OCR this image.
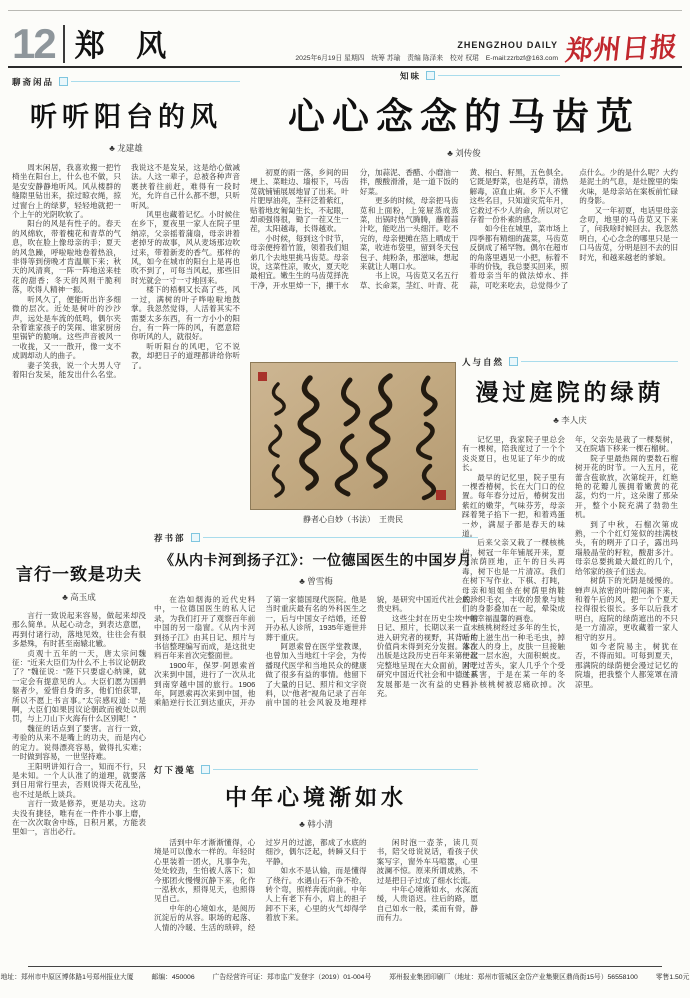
12 郑 风	ZHENGZHOU DAILY
2025年6月19日 星期四　统筹 苏瑜　责编 陈泽来　校对 权珺　E-mail:zzrbzf@163.com 郑州日报
聊斋闲品
听听阳台的风
♣ 龙建雄

周末闲居，我喜欢搬一把竹椅坐在阳台上，什么也不做，只是安安静静地听风。风从楼群的缝隙里钻出来，掠过晾衣绳，掠过窗台上的绿萝，轻轻地就把一个上午的光阴吹软了。

阳台的风是有性子的。春天的风绵软，带着槐花和青草的气息，吹在脸上像母亲的手；夏天的风急躁，呼啦啦地卷着热浪，非得等到傍晚才肯温顺下来；秋天的风清爽，一阵一阵地送来桂花的甜香；冬天的风则干脆利落，吹得人精神一振。

听风久了，便能听出许多细微的层次。近处是树叶的沙沙声，远处是车流的低鸣，偶尔夹杂着谁家孩子的笑闹、谁家厨房里锅铲的脆响。这些声音被风一一收拢，又一一散开，像一支不成调却动人的曲子。

妻子笑我，说一个大男人守着阳台发呆，能发出什么名堂。我说这不是发呆，这是给心做减法。人这一辈子，总被各种声音裹挟着往前赶，难得有一段时光，允许自己什么都不想，只听听风。

风里也藏着记忆。小时候住在乡下，夏夜里一家人在院子里纳凉，父亲摇着蒲扇，母亲讲着老掉牙的故事，风从麦场那边吹过来，带着新麦的香气。那样的风，如今在城市的阳台上是再也吹不到了，可每当风起，那些旧时光就会一寸一寸地回来。

楼下的梧桐又长高了些，风一过，满树的叶子哗啦啦地鼓掌。我忽然觉得，人活着其实不需要太多东西，有一方小小的阳台，有一阵一阵的风，有愿意陪你听风的人，就很好。

听听阳台的风吧，它不说教，却把日子的道理都讲给你听了。

言行一致是功夫
♣ 高玉成

言行一致说起来容易，做起来却没那么简单。从起心动念，到表达意愿，再到付诸行动，落地见效，往往会有很多悬殊，有时甚至南辕北辙。

贞观十五年的一天，唐太宗问魏征：“近来大臣们为什么不上书议论朝政了？”魏征说：“陛下只要虚心纳谏，就一定会有提意见的人。大臣们愿为国捐躯者少，爱惜自身的多，他们怕获罪，所以不愿上书言事。”太宗感叹道：“是啊，大臣们如果因议论朝政而被处以刑罚，与上刀山下火海有什么区别呢！”

魏征的话点到了要害。言行一致，考验的从来不是嘴上的功夫，而是内心的定力。说得漂亮容易，做得扎实难；一时做到容易，一世坚持难。

王阳明讲知行合一，知而不行，只是未知。一个人认准了的道理，就要落到日用常行里去，否则说得天花乱坠，也不过是纸上谈兵。

言行一致是修养，更是功夫。这功夫没有捷径，唯有在一件件小事上磨，在一次次取舍中练，日积月累，方能表里如一，言出必行。

知味
心心念念的马齿苋
♣ 刘传俊

初夏的雨一落，乡间的田埂上、菜畦边、墙根下，马齿苋就铺铺展展地冒了出来。叶片肥厚油亮，茎秆泛着紫红，贴着地皮匍匐生长，不起眼，却顽强得很，锄了一茬又生一茬，太阳越毒，长得越欢。

小时候，每到这个时节，母亲便挎着竹篮，领着我们姐弟几个去地里挑马齿苋。母亲说，这菜性凉，败火，夏天吃最相宜。嫩生生的马齿苋择洗干净，开水里焯一下，攥干水分，加蒜泥、香醋、小磨油一拌，酸酸滑滑，是一道下饭的好菜。

更多的时候，母亲把马齿苋和上面粉，上笼屉蒸成蒸菜，出锅时热气腾腾，蘸着蒜汁吃，能吃出一头细汗。吃不完的，母亲便摊在箔上晒成干菜，收进布袋里，留到冬天包包子、炖粉条，那滋味，想起来就让人咽口水。

书上说，马齿苋又名五行草、长命菜，茎红、叶青、花黄、根白、籽黑，五色俱全。它既是野菜，也是药草，清热解毒，凉血止痢。乡下人不懂这些名目，只知道灾荒年月，它救过不少人的命，所以对它存着一份朴素的感念。

如今住在城里，菜市场上四季都有精细的蔬菜，马齿苋反倒成了稀罕物。偶尔在超市的角落里遇见一小把，标着不菲的价钱，我总要买回来，照着母亲当年的做法焯水、拌蒜，可吃来吃去，总觉得少了点什么。少的是什么呢？大约是泥土的气息，是灶膛里的柴火味，是母亲站在案板前忙碌的身影。

又一年初夏，电话里母亲念叨，地里的马齿苋又下来了，问我啥时候回去。我忽然明白，心心念念的哪里只是一口马齿苋，分明是回不去的旧时光，和越来越老的爹娘。

静者心自妙（书法）　王贵民
荐书部
《从内卡河到扬子江》：一位德国医生的中国岁月
♣ 曾雪梅

在浩如烟海的近代史料中，一位德国医生的私人记录，为我们打开了观察百年前中国的另一扇窗。《从内卡河到扬子江》由其日记、照片与书信整理编写而成，是这批史料百年来首次完整面世。

1900年，保罗·阿恩索首次来到中国，进行了一次从北到南穿越中国的旅行。1906年，阿恩索再次来到中国，他乘船逆行长江到达重庆，开办了第一家德国现代医院。他是当时重庆最有名的外科医生之一，后与中国女子结婚，还曾开办私人诊所，1935年逝世并葬于重庆。

阿恩索曾在医学堂教课，也曾加入当地红十字会，为传播现代医学和当地民众的健康做了很多有益的事情。他留下了大量的日记、照片和文字资料，以“他者”视角记录了百年前中国的社会风貌及地理样貌，是研究中国近代社会的珍贵史料。

这些尘封在历史尘埃中的日记、照片，长期以来一直未进入研究者的视野，其背后的价值尚未得到充分发掘。本次出版是这段历史百年来第一次完整地呈现在大众面前，对于研究中国近代社会和中德关系发展都是一次有益的史料补充。

灯下漫笔
中年心境渐如水
♣ 韩小清

活到中年才渐渐懂得，心境是可以像水一样的。年轻时心里装着一团火，凡事争先，处处较劲，生怕被人落下；如今那团火慢慢沉静下来，化作一泓秋水，照得见天，也照得见自己。

中年的心境如水，是阅历沉淀后的从容。职场的起落、人情的冷暖、生活的琐碎，经过岁月的过滤，都成了水底的细沙，偶尔泛起，转瞬又归于平静。

如水不是认输，而是懂得了绕行。水遇山石不争不抢，转个弯，照样奔流向前。中年人上有老下有小，肩上的担子卸不下来，心里的火气却得学着放下来。

闲时泡一壶茶，读几页书，陪父母说说话，看孩子伏案写字，窗外车马喧嚣，心里波澜不惊。原来所谓成熟，不过是把日子过成了细水长流。

中年心境渐如水，水深流缓，人贵语迟。往后的路，愿自己如水一般，柔而有骨，静而有力。

人与自然
漫过庭院的绿荫
♣ 李人庆

记忆里，我家院子里总会有一棵树，陪我度过了一个个炎炎夏日，也见证了年少的成长。

最早的记忆里，院子里有一棵香椿树，长在大门口的位置。每年春分过后，椿树发出紫红的嫩芽，气味芬芳，母亲踩着凳子掐下一把，和着鸡蛋一炒，满屋子都是春天的味道。

后来父亲又栽了一棵核桃树，树冠一年年铺展开来，夏天浓荫匝地，正午的日头再毒，树下也是一片清凉。我们在树下写作业、下棋、打盹，母亲和姐姐坐在树荫里纳鞋底、织毛衣，丰收的景象与她们的身影叠加在一起，晕染成一幅幸福温馨的画卷。

核桃树经过多年的生长，叶片上滋生出一种毛毛虫，掉落在人的身上，皮肤一旦接触便起一层水泡，大面积蜕皮。因吃过苦头，家人几乎个个受过其害，于是在某一年的冬日，核桃树被忍痛砍掉。次年，父亲先是栽了一棵梨树，又在院墙下移来一棵石榴树。

院子里最热闹的要数石榴树开花的时节。一入五月，花蕾含苞欲放，次第绽开，红艳艳的花瓣儿簇拥着嫩黄的花蕊，灼灼一片，这朵谢了那朵开，整个小院充满了勃勃生机。

到了中秋，石榴次第成熟，一个个红灯笼似的挂满枝头，有的咧开了口子，露出玛瑙般晶莹的籽粒，酸甜多汁。母亲总要挑最大最红的几个，给邻家的孩子们送去。

树荫下的光阴是缓慢的。蝉声从浓密的叶隙间漏下来，和着午后的风，把一个个夏天拉得很长很长。多年以后我才明白，庭院的绿荫遮出的不只是一方清凉，更收藏着一家人相守的岁月。

如今老院易主，树犹在否，不得而知。可每到夏天，那满院的绿荫便会漫过记忆的院墙，把我整个人都笼罩在清凉里。

地址：郑州市中原区博体路1号郑州报业大厦	邮编：450006	广告经营许可证：郑市监广发登字（2019）01-004号	郑州报业集团印刷厂（地址：郑州市管城区金岱产业集聚区鼎尚街15号）56558100	零售1.50元
